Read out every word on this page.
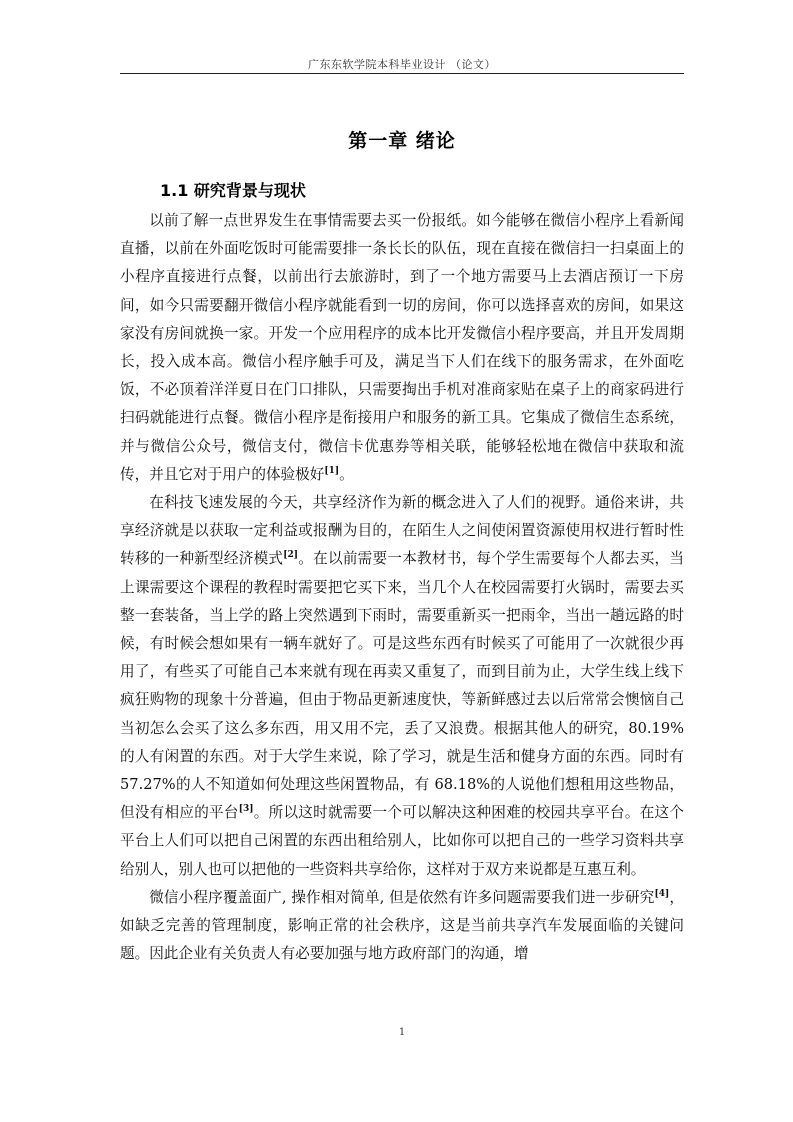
广东东软学院本科毕业设计 （论文）
第一章 绪论
1.1 研究背景与现状

以前了解一点世界发生在事情需要去买一份报纸。如今能够在微信小程序上看新闻直播，以前在外面吃饭时可能需要排一条长长的队伍，现在直接在微信扫一扫桌面上的小程序直接进行点餐，以前出行去旅游时，到了一个地方需要马上去酒店预订一下房间，如今只需要翻开微信小程序就能看到一切的房间，你可以选择喜欢的房间，如果这家没有房间就换一家。开发一个应用程序的成本比开发微信小程序要高，并且开发周期长，投入成本高。微信小程序触手可及，满足当下人们在线下的服务需求，在外面吃饭，不必顶着洋洋夏日在门口排队，只需要掏出手机对准商家贴在桌子上的商家码进行扫码就能进行点餐。微信小程序是衔接用户和服务的新工具。它集成了微信生态系统，并与微信公众号，微信支付，微信卡优惠券等相关联，能够轻松地在微信中获取和流传，并且它对于用户的体验极好[1]。

在科技飞速发展的今天，共享经济作为新的概念进入了人们的视野。通俗来讲，共享经济就是以获取一定利益或报酬为目的，在陌生人之间使闲置资源使用权进行暂时性转移的一种新型经济模式[2]。在以前需要一本教材书，每个学生需要每个人都去买，当上课需要这个课程的教程时需要把它买下来，当几个人在校园需要打火锅时，需要去买整一套装备，当上学的路上突然遇到下雨时，需要重新买一把雨伞，当出一趟远路的时候，有时候会想如果有一辆车就好了。可是这些东西有时候买了可能用了一次就很少再用了，有些买了可能自己本来就有现在再卖又重复了，而到目前为止，大学生线上线下疯狂购物的现象十分普遍，但由于物品更新速度快，等新鲜感过去以后常常会懊恼自己当初怎么会买了这么多东西，用又用不完，丢了又浪费。根据其他人的研究，80.19%的人有闲置的东西。对于大学生来说，除了学习，就是生活和健身方面的东西。同时有 57.27%的人不知道如何处理这些闲置物品，有 68.18%的人说他们想租用这些物品，但没有相应的平台[3]。所以这时就需要一个可以解决这种困难的校园共享平台。在这个平台上人们可以把自己闲置的东西出租给别人，比如你可以把自己的一些学习资料共享给别人，别人也可以把他的一些资料共享给你，这样对于双方来说都是互惠互利。

微信小程序覆盖面广, 操作相对简单, 但是依然有许多问题需要我们进一步研究[4]，如缺乏完善的管理制度，影响正常的社会秩序，这是当前共享汽车发展面临的关键问题。因此企业有关负责人有必要加强与地方政府部门的沟通，增

1
